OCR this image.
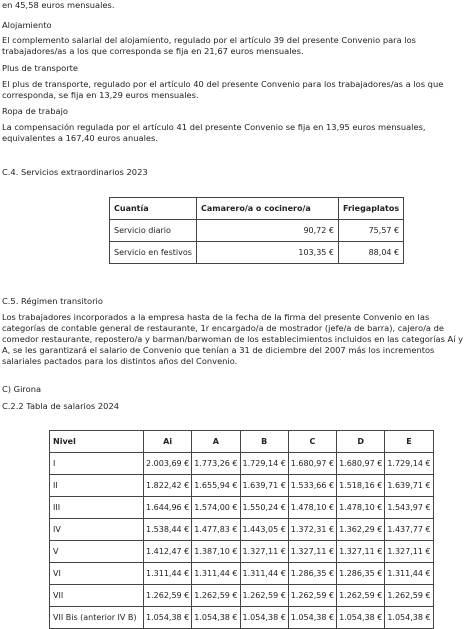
en 45,58 euros mensuales.
Alojamiento
El complemento salarial del alojamiento, regulado por el artículo 39 del presente Convenio para los trabajadores/as a los que corresponda se fija en 21,67 euros mensuales.
Plus de transporte
El plus de transporte, regulado por el artículo 40 del presente Convenio para los trabajadores/as a los que corresponda, se fija en 13,29 euros mensuales.
Ropa de trabajo
La compensación regulada por el artículo 41 del presente Convenio se fija en 13,95 euros mensuales, equivalentes a 167,40 euros anuales.
C.4. Servicios extraordinarios 2023
Cuantía	Camarero/a o cocinero/a	Friegaplatos
Servicio diario	90,72 €	75,57 €
Servicio en festivos	103,35 €	88,04 €
C.5. Régimen transitorio
Los trabajadores incorporados a la empresa hasta de la fecha de la firma del presente Convenio en las categorías de contable general de restaurante, 1r encargado/a de mostrador (jefe/a de barra), cajero/a de comedor restaurante, repostero/a y barman/barwoman de los establecimientos incluidos en las categorías Aí y A, se les garantizará el salario de Convenio que tenían a 31 de diciembre del 2007 más los incrementos salariales pactados para los distintos años del Convenio.
C) Girona
C.2.2 Tabla de salarios 2024
Nivel	Ai	A	B	C	D	E
I	2.003,69 €	1.773,26 €	1.729,14 €	1.680,97 €	1.680,97 €	1.729,14 €
II	1.822,42 €	1.655,94 €	1.639,71 €	1.533,66 €	1.518,16 €	1.639,71 €
III	1.644,96 €	1.574,00 €	1.550,24 €	1.478,10 €	1.478,10 €	1.543,97 €
IV	1.538,44 €	1.477,83 €	1.443,05 €	1.372,31 €	1.362,29 €	1.437,77 €
V	1.412,47 €	1.387,10 €	1.327,11 €	1.327,11 €	1.327,11 €	1.327,11 €
VI	1.311,44 €	1.311,44 €	1.311,44 €	1.286,35 €	1.286,35 €	1.311,44 €
VII	1.262,59 €	1.262,59 €	1.262,59 €	1.262,59 €	1.262,59 €	1.262,59 €
VII Bis (anterior IV B)	1.054,38 €	1.054,38 €	1.054,38 €	1.054,38 €	1.054,38 €	1.054,38 €
